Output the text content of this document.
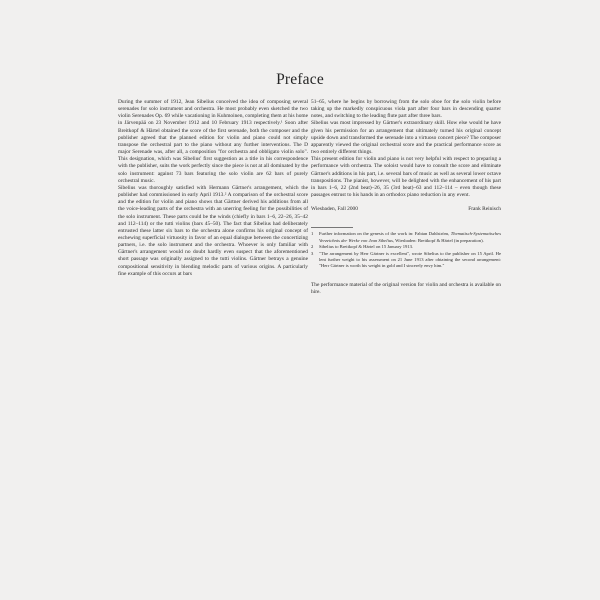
Preface

During the summer of 1912, Jean Sibelius conceived the idea of composing several serenades for solo instrument and orchestra. He most probably even sketched the two violin Serenades Op. 69 while vacationing in Kuhmoinen, completing them at his home in Järvenpää on 23 November 1912 and 10 February 1913 respectively.¹ Soon after Breitkopf & Härtel obtained the score of the first serenade, both the composer and the publisher agreed that the planned edition for violin and piano could not simply transpose the orchestral part to the piano without any further interventions. The D major Serenade was, after all, a composition "for orchestra and obbligato violin solo". This designation, which was Sibelius' first suggestion as a title in his correspondence with the publisher, suits the work perfectly since the piece is not at all dominated by the solo instrument: against 73 bars featuring the solo violin are 62 bars of purely orchestral music.

Sibelius was thoroughly satisfied with Hermann Gärtner's arrangement, which the publisher had commissioned in early April 1913.² A comparison of the orchestral score and the edition for violin and piano shows that Gärtner derived his additions from all the voice-leading parts of the orchestra with an unerring feeling for the possibilities of the solo instrument. These parts could be the winds (chiefly in bars 1–6, 22–26, 35–42 and 112–114) or the tutti violins (bars 45–50). The fact that Sibelius had deliberately entrusted these latter six bars to the orchestra alone confirms his original concept of eschewing superficial virtuosity in favor of an equal dialogue between the concertizing partners, i.e. the solo instrument and the orchestra. Whoever is only familiar with Gärtner's arrangement would no doubt hardly even suspect that the aforementioned short passage was originally assigned to the tutti violins. Gärtner betrays a genuine compositional sensitivity in blending melodic parts of various origins. A particularly fine example of this occurs at bars

51–65, where he begins by borrowing from the solo oboe for the solo violin before taking up the markedly conspicuous viola part after four bars in descending quarter notes, and switching to the leading flute part after three bars.

Sibelius was most impressed by Gärtner's extraordinary skill. How else would he have given his permission for an arrangement that ultimately turned his original concept upside down and transformed the serenade into a virtuoso concert piece? The composer apparently viewed the original orchestral score and the practical performance score as two entirely different things.

This present edition for violin and piano is not very helpful with respect to preparing a performance with orchestra. The soloist would have to consult the score and eliminate Gärtner's additions in his part, i.e. several bars of music as well as several lower octave transpositions. The pianist, however, will be delighted with the enhancement of his part in bars 1–6, 22 (2nd beat)–26, 35 (3rd beat)–63 and 112–114 – even though these passages entrust to his hands in an orthodox piano reduction in any event.

Wiesbaden, Fall 2000	Frank Reinisch
1	Further information on the genesis of the work in: Fabian Dahlström, Thematisch-Systematisches Verzeichnis der Werke von Jean Sibelius, Wiesbaden: Breitkopf & Härtel (in preparation).
2	Sibelius to Breitkopf & Härtel on 15 January 1913.
3	"The arrangement by Herr Gärtner is excellent", wrote Sibelius to the publisher on 15 April. He lent further weight to his assessment on 21 June 1913 after obtaining the second arrangement: "Herr Gärtner is worth his weight in gold and I sincerely envy him."

The performance material of the original version for violin and orchestra is available on hire.
